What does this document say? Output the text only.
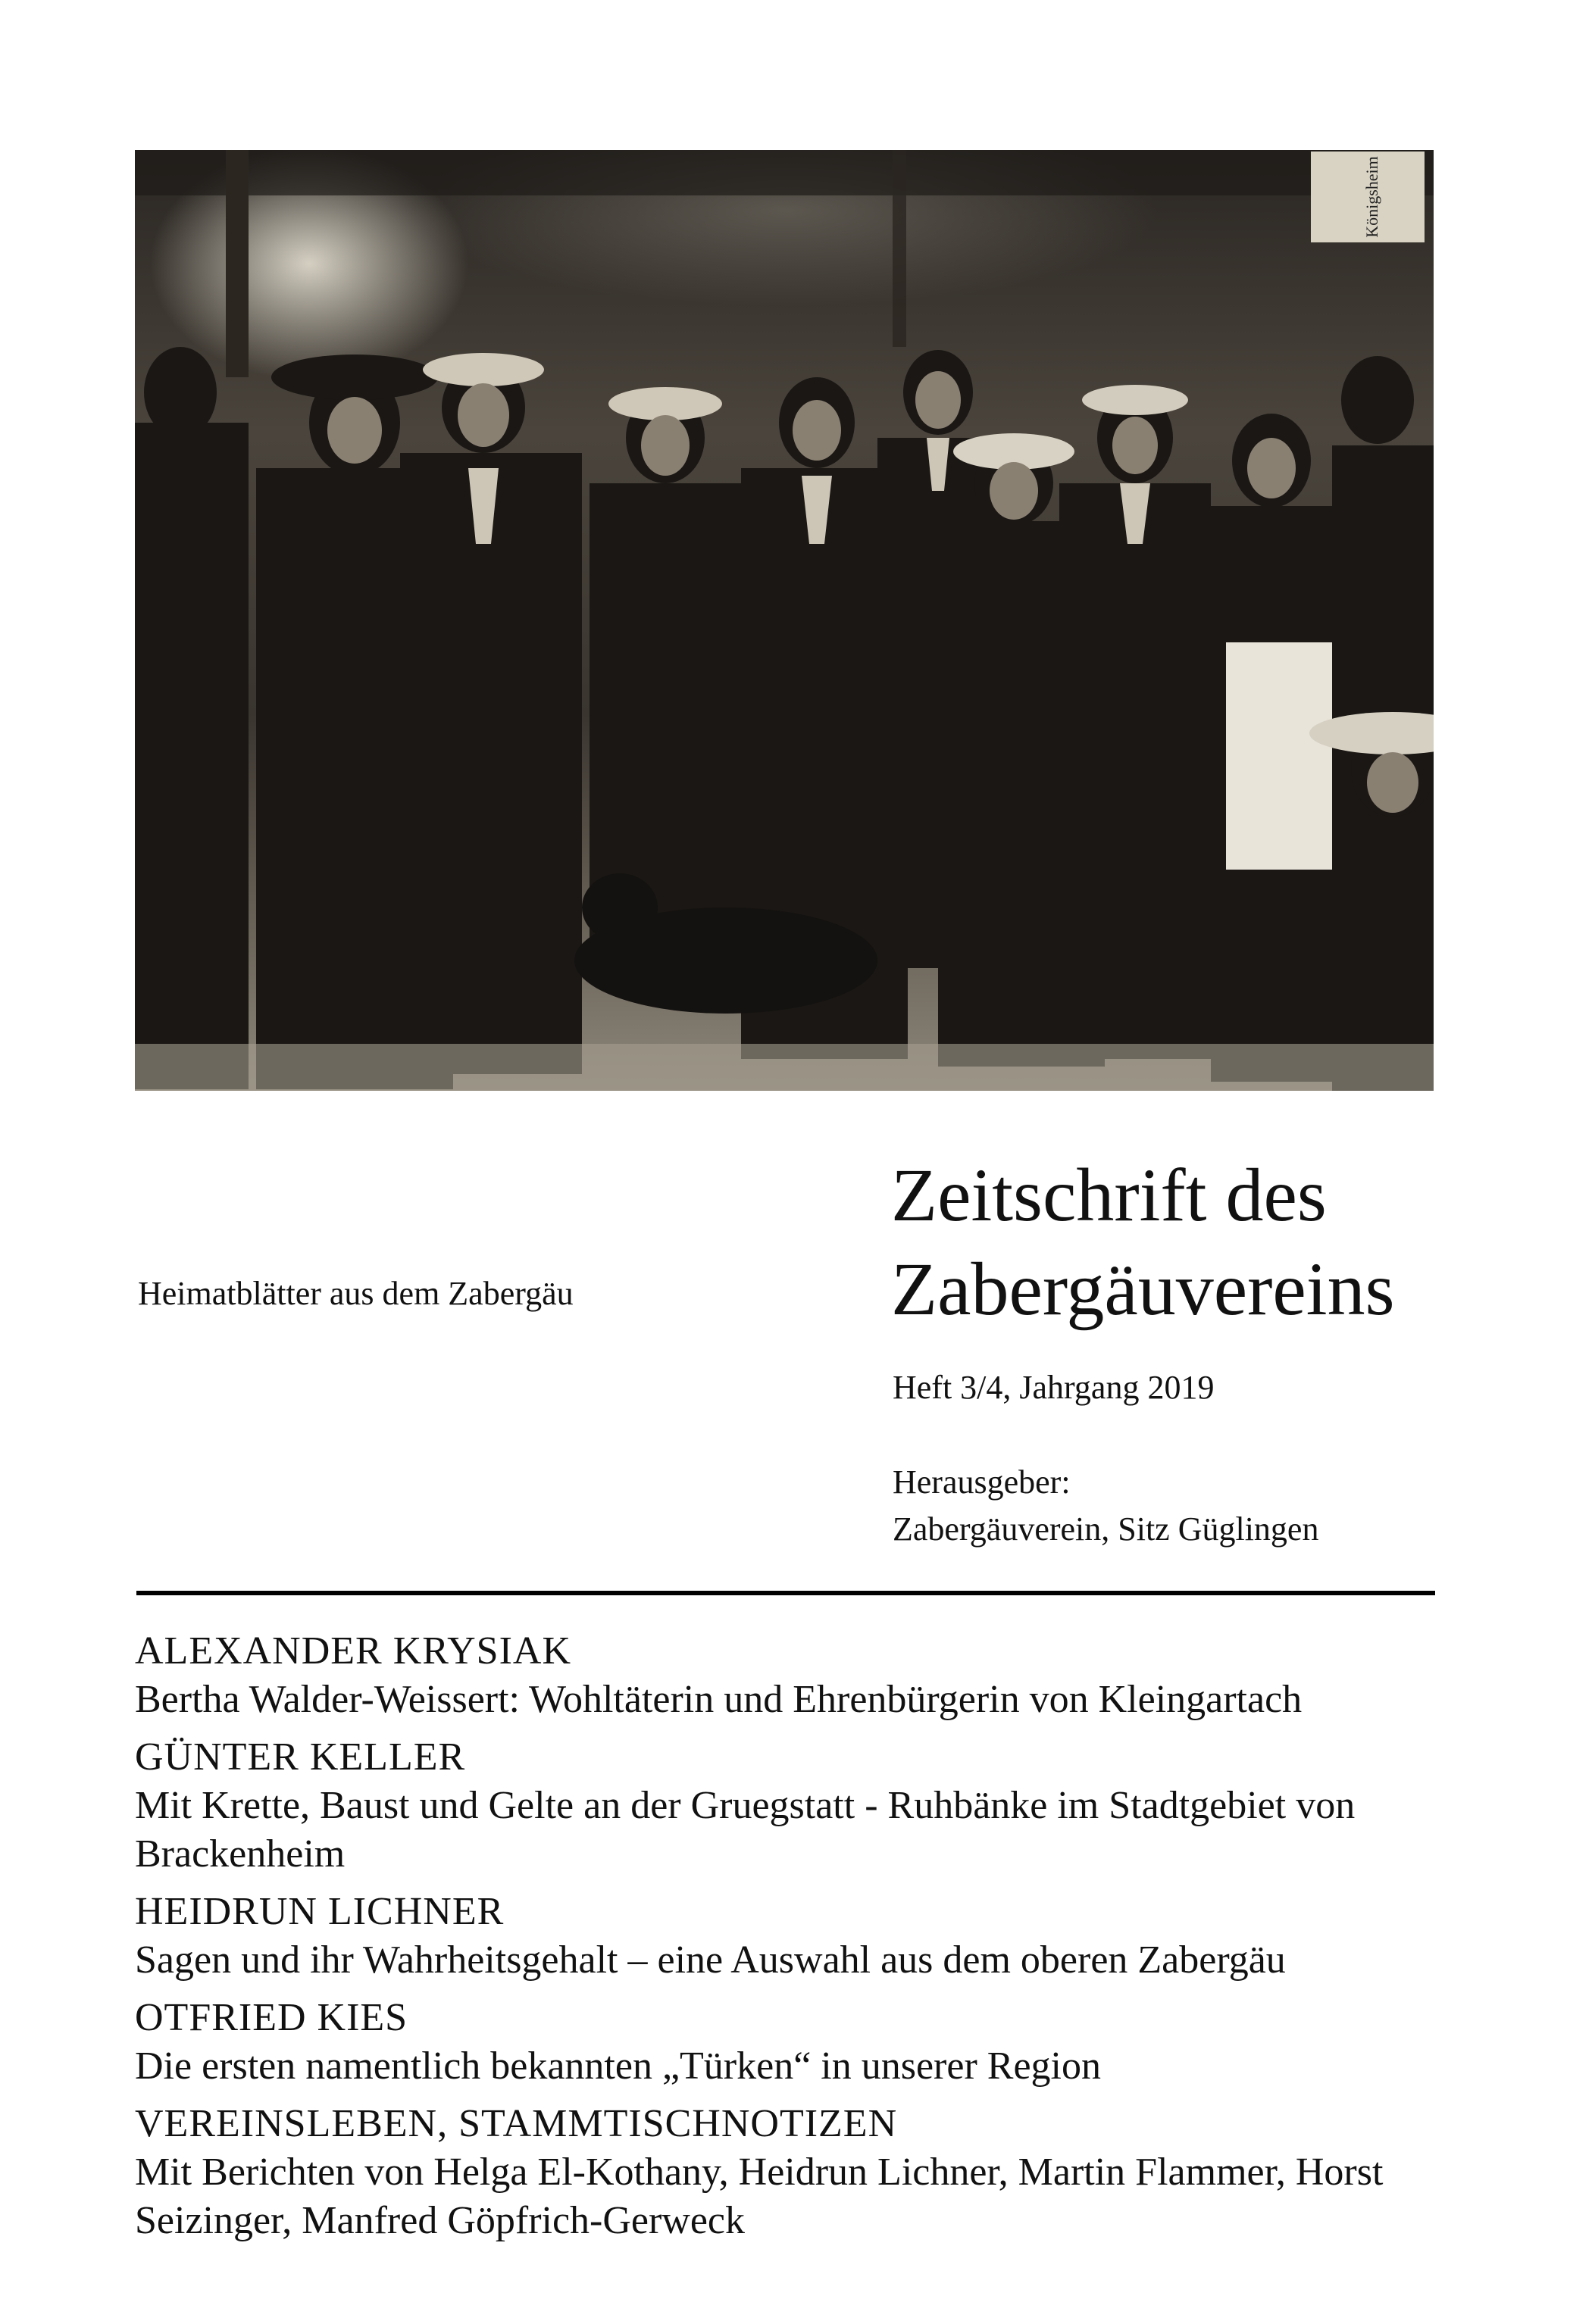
Königsheim
Heimatblätter aus dem Zabergäu
Zeitschrift des
Zabergäuvereins
Heft 3/4, Jahrgang 2019
Herausgeber:
Zabergäuverein, Sitz Güglingen
ALEXANDER KRYSIAK
Bertha Walder-Weissert: Wohltäterin und Ehrenbürgerin von Kleingartach
GÜNTER KELLER
Mit Krette, Baust und Gelte an der Gruegstatt - Ruhbänke im Stadtgebiet von Brackenheim
HEIDRUN LICHNER
Sagen und ihr Wahrheitsgehalt – eine Auswahl aus dem oberen Zabergäu
OTFRIED KIES
Die ersten namentlich bekannten „Türken“ in unserer Region
VEREINSLEBEN, STAMMTISCHNOTIZEN
Mit Berichten von Helga El-Kothany, Heidrun Lichner, Martin Flammer, Horst Seizinger, Manfred Göpfrich-Gerweck
